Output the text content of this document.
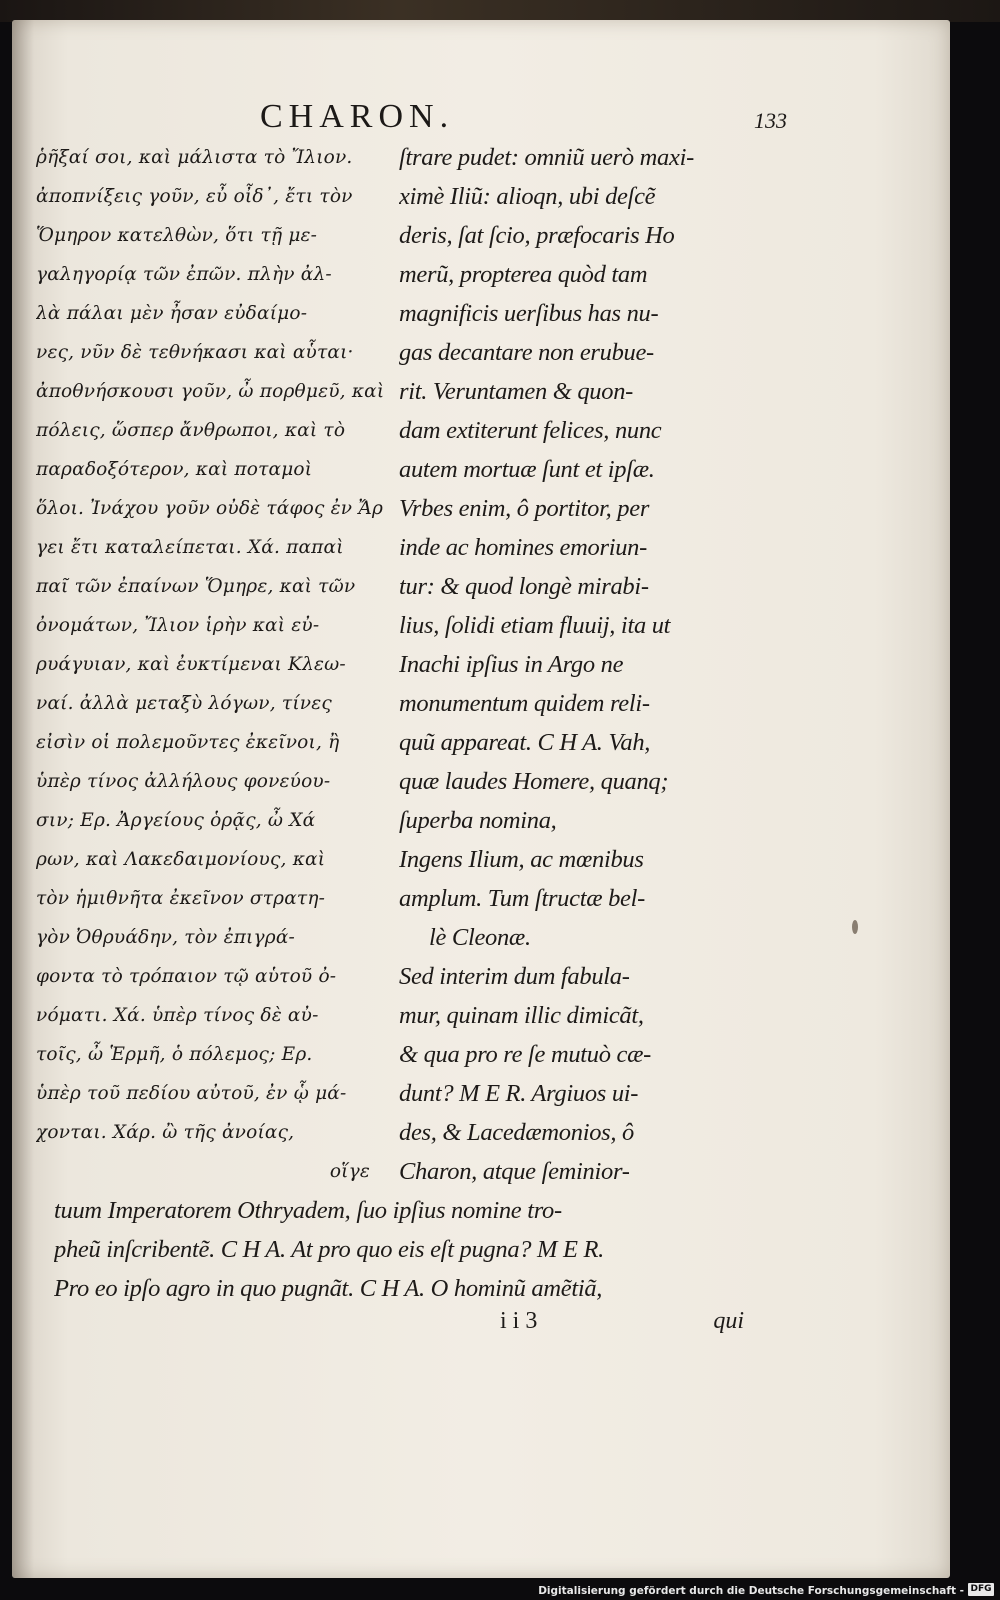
CHARON.	133
ῥῆξαί σοι, καὶ μάλιστα τὸ Ἴλιον.
ἀποπνίξεις γοῦν, εὖ οἶδ᾽, ἔτι τὸν
Ὅμηρον κατελθὼν, ὅτι τῇ με-
γαληγορίᾳ τῶν ἐπῶν. πλὴν ἀλ-
λὰ πάλαι μὲν ἦσαν εὐδαίμο-
νες, νῦν δὲ τεθνήκασι καὶ αὗται·
ἀποθνήσκουσι γοῦν, ὦ πορθμεῦ, καὶ
πόλεις, ὥσπερ ἄνθρωποι, καὶ τὸ
παραδοξότερον, καὶ ποταμοὶ
ὅλοι. Ἰνάχου γοῦν οὐδὲ τάφος ἐν Ἄρ
γει ἔτι καταλείπεται. Χά. παπαὶ
παῖ τῶν ἐπαίνων Ὅμηρε, καὶ τῶν
ὀνομάτων, Ἴλιον ἱρὴν καὶ εὐ-
ρυάγυιαν, καὶ ἐυκτίμεναι Κλεω-
ναί. ἀλλὰ μεταξὺ λόγων, τίνες
εἰσὶν οἱ πολεμοῦντες ἐκεῖνοι, ἢ
ὑπὲρ τίνος ἀλλήλους φονεύου-
σιν; Ερ. Ἀργείους ὁρᾷς, ὦ Χά
ρων, καὶ Λακεδαιμονίους, καὶ
τὸν ἡμιθνῆτα ἐκεῖνον στρατη-
γὸν Ὀθρυάδην, τὸν ἐπιγρά-
φοντα τὸ τρόπαιον τῷ αὑτοῦ ὀ-
νόματι. Χά. ὑπὲρ τίνος δὲ αὐ-
τοῖς, ὦ Ἑρμῆ, ὁ πόλεμος; Ερ.
ὑπὲρ τοῦ πεδίου αὐτοῦ, ἐν ᾧ μά-
χονται. Χάρ. ὢ τῆς ἀνοίας,
οἵγε
ſtrare pudet: omniũ uerò maxi-
ximè Iliũ: alioqn, ubi deſcẽ
deris, ſat ſcio, præfocaris Ho
merũ, propterea quòd tam
magnificis uerſibus has nu-
gas decantare non erubue-
rit. Veruntamen & quon-
dam extiterunt felices, nunc
autem mortuæ ſunt et ipſæ.
Vrbes enim, ô portitor, per
inde ac homines emoriun-
tur: & quod longè mirabi-
lius, ſolidi etiam fluuij, ita ut
Inachi ipſius in Argo ne
monumentum quidem reli-
quũ appareat. C H A. Vah,
quæ laudes Homere, quanq;
ſuperba nomina,
Ingens Ilium, ac mœnibus
amplum. Tum ſtructæ bel-
lè Cleonæ.
Sed interim dum fabula-
mur, quinam illic dimicãt,
& qua pro re ſe mutuò cæ-
dunt? M E R. Argiuos ui-
des, & Lacedæmonios, ô
Charon, atque ſeminior-
tuum Imperatorem Othryadem, ſuo ipſius nomine tro-
pheũ inſcribentẽ. C H A. At pro quo eis eſt pugna? M E R.
Pro eo ipſo agro in quo pugnãt. C H A. O hominũ amẽtiã,
i i 3	qui
Digitalisierung gefördert durch die Deutsche Forschungsgemeinschaft - DFG
